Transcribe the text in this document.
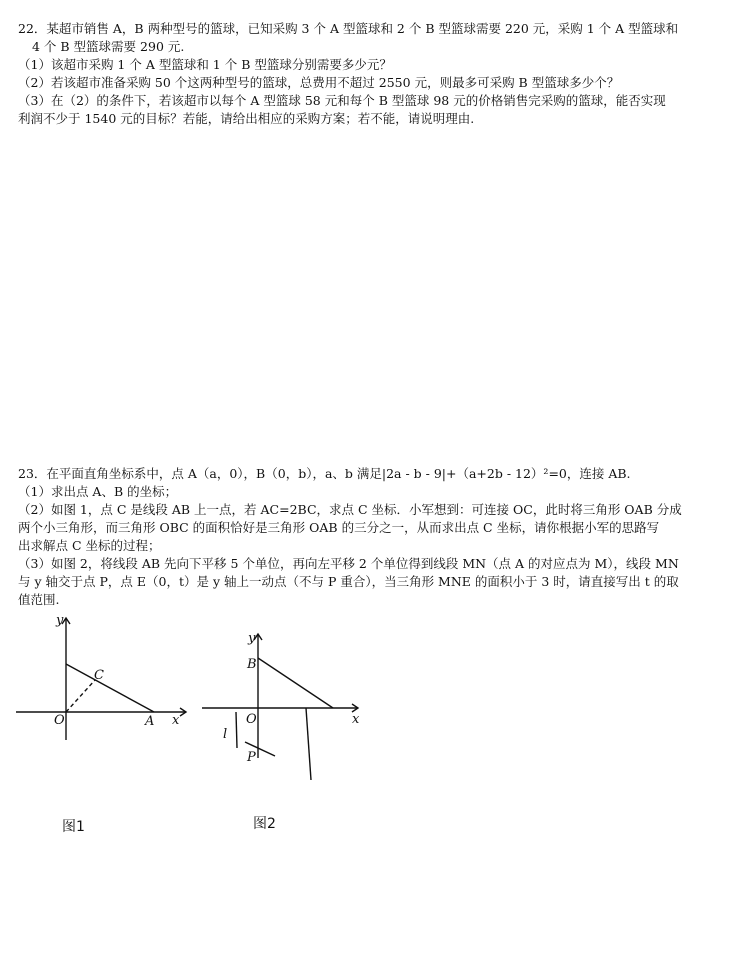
22．某超市销售 A，B 两种型号的篮球，已知采购 3 个 A 型篮球和 2 个 B 型篮球需要 220 元，采购 1 个 A 型篮球和

4 个 B 型篮球需要 290 元.

（1）该超市采购 1 个 A 型篮球和 1 个 B 型篮球分别需要多少元？

（2）若该超市准备采购 50 个这两种型号的篮球，总费用不超过 2550 元，则最多可采购 B 型篮球多少个？

（3）在（2）的条件下，若该超市以每个 A 型篮球 58 元和每个 B 型篮球 98 元的价格销售完采购的篮球，能否实现

利润不少于 1540 元的目标？若能，请给出相应的采购方案；若不能，请说明理由.

23．在平面直角坐标系中，点 A（a，0），B（0，b），a、b 满足|2a - b - 9|+（a+2b - 12）²=0，连接 AB.

（1）求出点 A、B 的坐标；

（2）如图 1，点 C 是线段 AB 上一点，若 AC=2BC，求点 C 坐标．小军想到：可连接 OC，此时将三角形 OAB 分成

两个小三角形，而三角形 OBC 的面积恰好是三角形 OAB 的三分之一，从而求出点 C 坐标，请你根据小军的思路写

出求解点 C 坐标的过程；

（3）如图 2，将线段 AB 先向下平移 5 个单位，再向左平移 2 个单位得到线段 MN（点 A 的对应点为 M），线段 MN

与 y 轴交于点 P，点 E（0，t）是 y 轴上一动点（不与 P 重合），当三角形 MNE 的面积小于 3 时，请直接写出 t 的取

值范围.

y
x
O	A
C
y
x
O
B
l
P
图1	图2
